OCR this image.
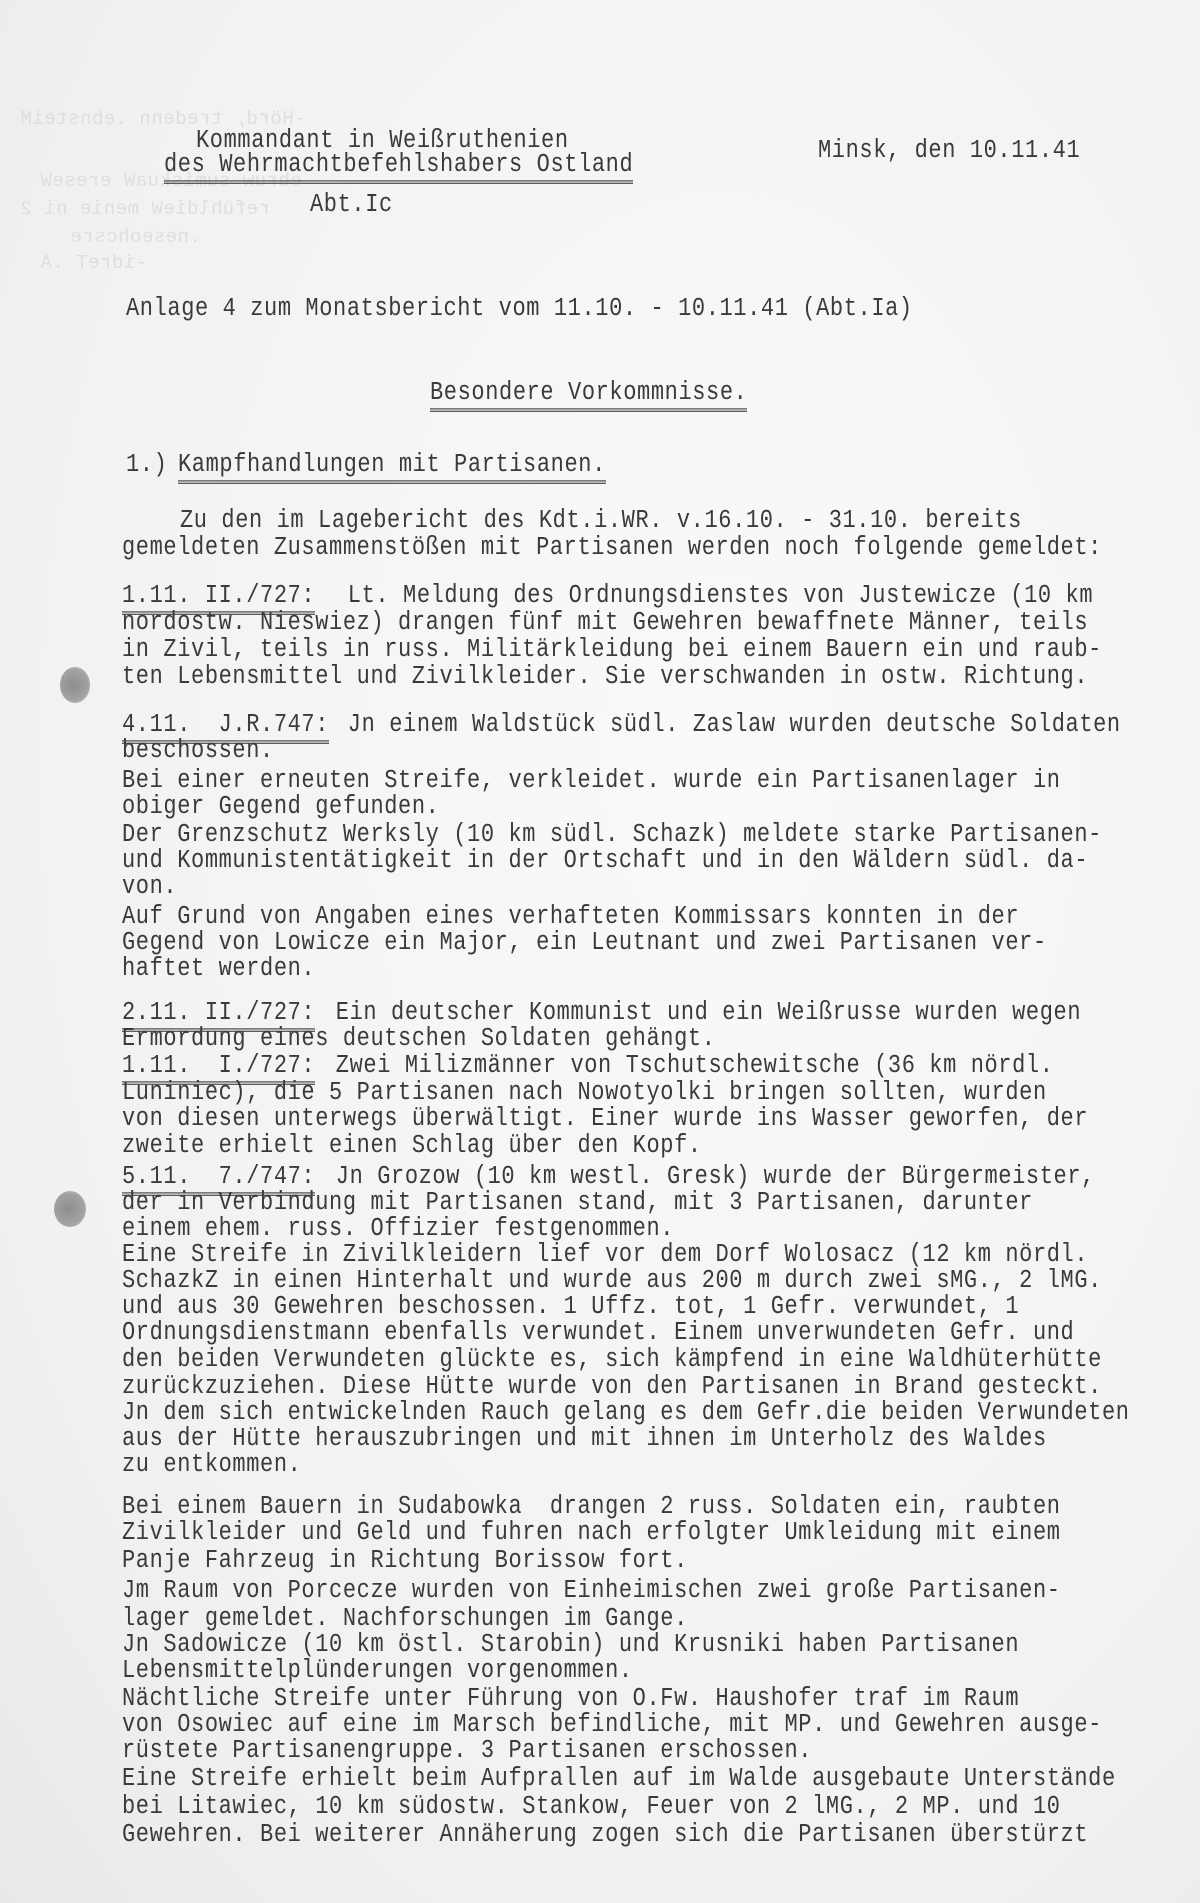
-Hörd, tredenn .ebnsteiM
ebruw sumiskuaW ereseW
refühldieW menie ni 2
.neseohcsre
-idreT .A
Kommandant in Weißruthenien
des Wehrmachtbefehlshabers Ostland
Abt.Ic
Minsk, den 10.11.41
Anlage 4 zum Monatsbericht vom 11.10. - 10.11.41 (Abt.Ia)
Besondere Vorkommnisse.
1.) Kampfhandlungen mit Partisanen.
Zu den im Lagebericht des Kdt.i.WR. v.16.10. - 31.10. bereits
gemeldeten Zusammenstößen mit Partisanen werden noch folgende gemeldet:
1.11. II./727: Lt. Meldung des Ordnungsdienstes von Justewicze (10 km
nordostw. Nieswiez) drangen fünf mit Gewehren bewaffnete Männer, teils
in Zivil, teils in russ. Militärkleidung bei einem Bauern ein und raub-
ten Lebensmittel und Zivilkleider. Sie verschwanden in ostw. Richtung.
4.11.  J.R.747: Jn einem Waldstück südl. Zaslaw wurden deutsche Soldaten
beschossen.
Bei einer erneuten Streife, verkleidet. wurde ein Partisanenlager in
obiger Gegend gefunden.
Der Grenzschutz Werksly (10 km südl. Schazk) meldete starke Partisanen-
und Kommunistentätigkeit in der Ortschaft und in den Wäldern südl. da-
von.
Auf Grund von Angaben eines verhafteten Kommissars konnten in der
Gegend von Lowicze ein Major, ein Leutnant und zwei Partisanen ver-
haftet werden.
2.11. II./727: Ein deutscher Kommunist und ein Weißrusse wurden wegen
Ermordung eines deutschen Soldaten gehängt.
1.11.  I./727: Zwei Milizmänner von Tschutschewitsche (36 km nördl.
Luniniec), die 5 Partisanen nach Nowotyolki bringen sollten, wurden
von diesen unterwegs überwältigt. Einer wurde ins Wasser geworfen, der
zweite erhielt einen Schlag über den Kopf.
5.11.  7./747: Jn Grozow (10 km westl. Gresk) wurde der Bürgermeister,
der in Verbindung mit Partisanen stand, mit 3 Partisanen, darunter
einem ehem. russ. Offizier festgenommen.
Eine Streife in Zivilkleidern lief vor dem Dorf Wolosacz (12 km nördl.
SchazkZ in einen Hinterhalt und wurde aus 200 m durch zwei sMG., 2 lMG.
und aus 30 Gewehren beschossen. 1 Uffz. tot, 1 Gefr. verwundet, 1
Ordnungsdienstmann ebenfalls verwundet. Einem unverwundeten Gefr. und
den beiden Verwundeten glückte es, sich kämpfend in eine Waldhüterhütte
zurückzuziehen. Diese Hütte wurde von den Partisanen in Brand gesteckt.
Jn dem sich entwickelnden Rauch gelang es dem Gefr.die beiden Verwundeten
aus der Hütte herauszubringen und mit ihnen im Unterholz des Waldes
zu entkommen.
Bei einem Bauern in Sudabowka  drangen 2 russ. Soldaten ein, raubten
Zivilkleider und Geld und fuhren nach erfolgter Umkleidung mit einem
Panje Fahrzeug in Richtung Borissow fort.
Jm Raum von Porcecze wurden von Einheimischen zwei große Partisanen-
lager gemeldet. Nachforschungen im Gange.
Jn Sadowicze (10 km östl. Starobin) und Krusniki haben Partisanen
Lebensmittelplünderungen vorgenommen.
Nächtliche Streife unter Führung von O.Fw. Haushofer traf im Raum
von Osowiec auf eine im Marsch befindliche, mit MP. und Gewehren ausge-
rüstete Partisanengruppe. 3 Partisanen erschossen.
Eine Streife erhielt beim Aufprallen auf im Walde ausgebaute Unterstände
bei Litawiec, 10 km südostw. Stankow, Feuer von 2 lMG., 2 MP. und 10
Gewehren. Bei weiterer Annäherung zogen sich die Partisanen überstürzt
